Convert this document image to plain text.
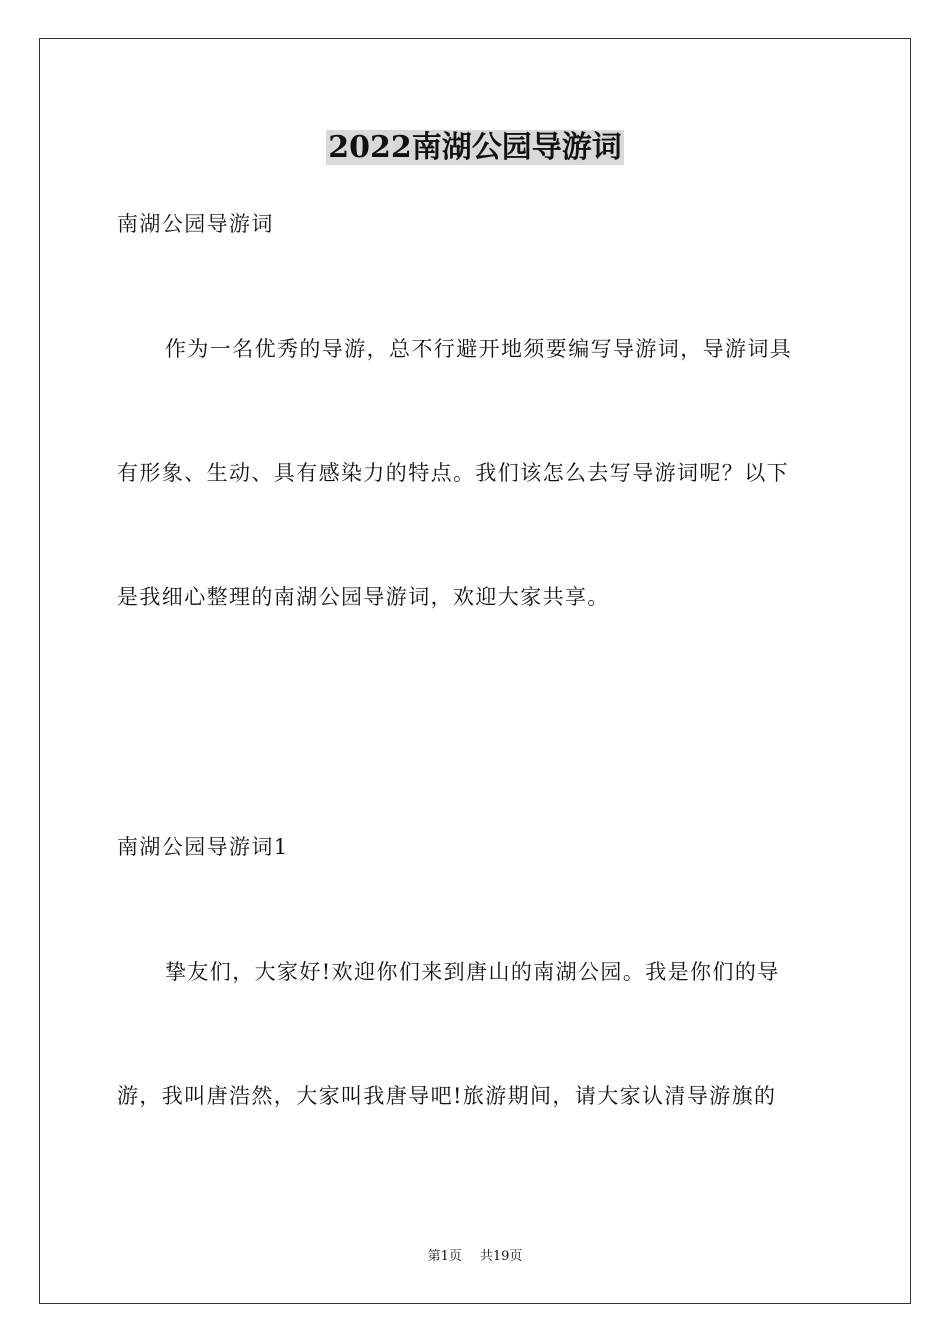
2022南湖公园导游词
南湖公园导游词
作为一名优秀的导游，总不行避开地须要编写导游词，导游词具
有形象、生动、具有感染力的特点。我们该怎么去写导游词呢？以下
是我细心整理的南湖公园导游词，欢迎大家共享。
南湖公园导游词1
挚友们，大家好!欢迎你们来到唐山的南湖公园。我是你们的导
游，我叫唐浩然，大家叫我唐导吧!旅游期间，请大家认清导游旗的
第1页 共19页
